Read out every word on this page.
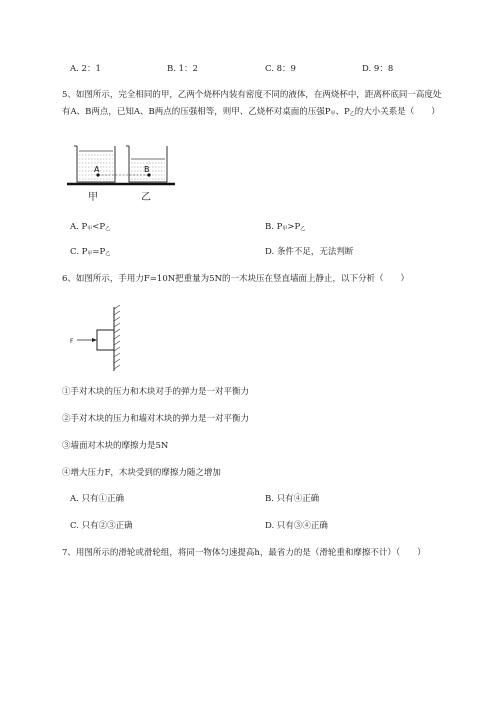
A. 2：1	B. 1：2	C. 8：9	D. 9：8
5、如图所示，完全相同的甲，乙两个烧杯内装有密度不同的液体，在两烧杯中，距离杯底同一高度处
有A、B两点，已知A、B两点的压强相等，则甲、乙烧杯对桌面的压强$P_甲$、$P_乙$的大小关系是（　　）
A	B
甲	乙
A. $P_甲<P_乙$	B. $P_甲>P_乙$
C. $P_甲=P_乙$	D. 条件不足，无法判断
6、如图所示，手用力F=10N把重量为5N的一木块压在竖直墙面上静止，以下分析（　　）
F
①手对木块的压力和木块对手的弹力是一对平衡力
②手对木块的压力和墙对木块的弹力是一对平衡力
③墙面对木块的摩擦力是5N
④增大压力F，木块受到的摩擦力随之增加
A. 只有①正确	B. 只有④正确
C. 只有②③正确	D. 只有③④正确
7、用图所示的滑轮或滑轮组，将同一物体匀速提高h，最省力的是（滑轮重和摩擦不计）（　　）
